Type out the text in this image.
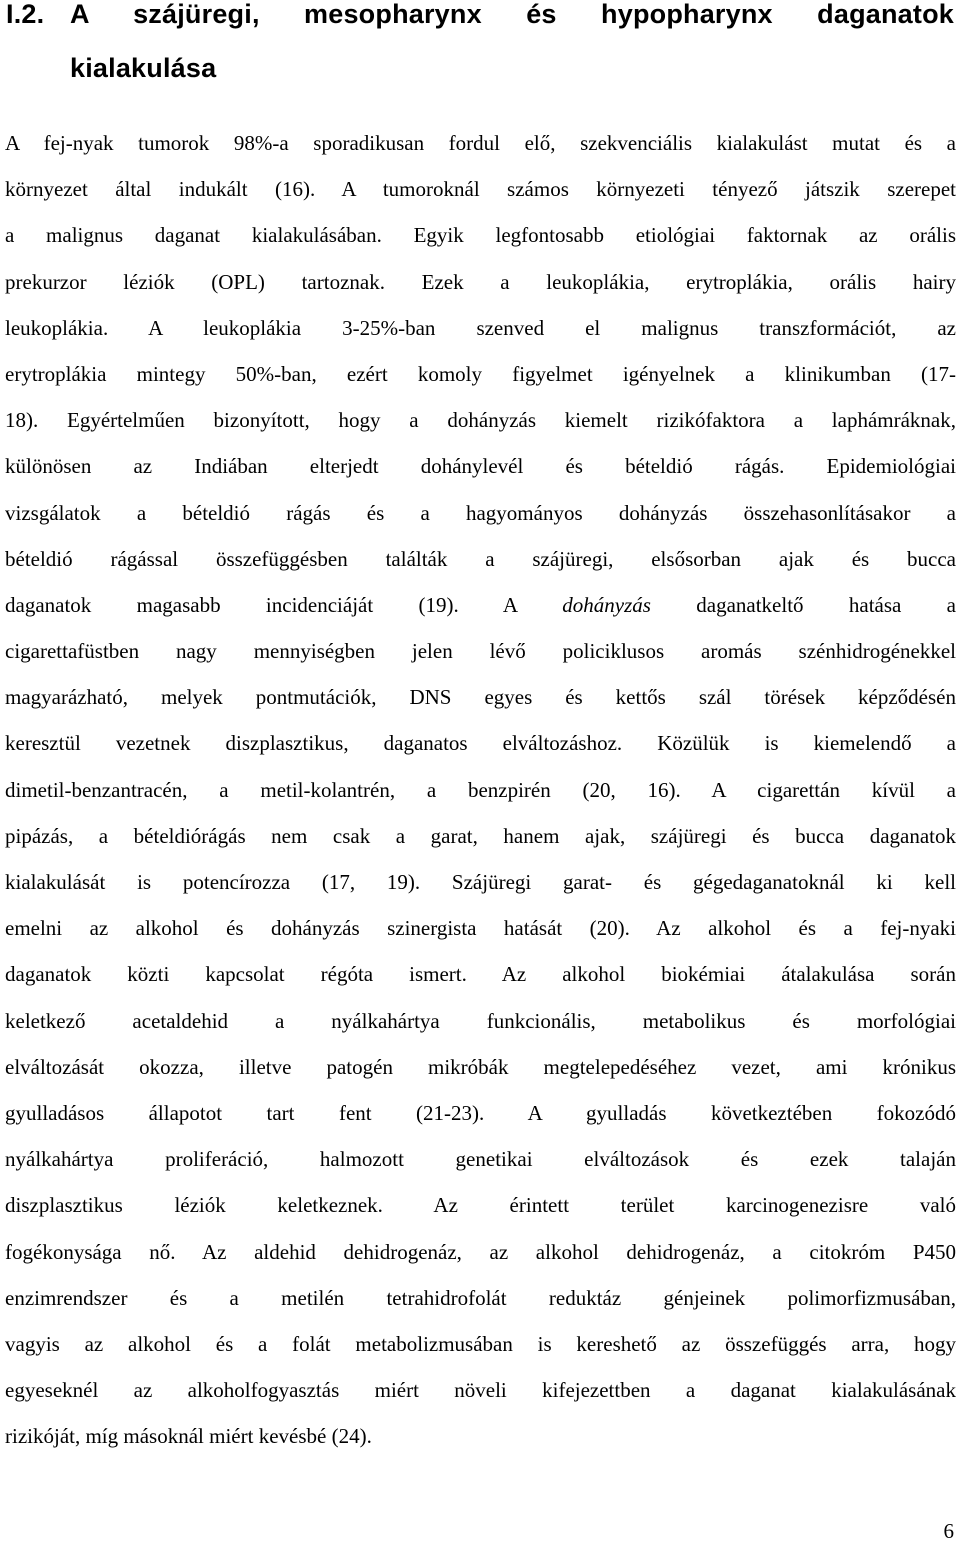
I.2. A szájüregi, mesopharynx és hypopharynx daganatok
kialakulása
A fej-nyak tumorok 98%-a sporadikusan fordul elő, szekvenciális kialakulást mutat és a
környezet által indukált (16). A tumoroknál számos környezeti tényező játszik szerepet
a malignus daganat kialakulásában. Egyik legfontosabb etiológiai faktornak az orális
prekurzor léziók (OPL) tartoznak. Ezek a leukoplákia, erytroplákia, orális hairy
leukoplákia. A leukoplákia 3-25%-ban szenved el malignus transzformációt, az
erytroplákia mintegy 50%-ban, ezért komoly figyelmet igényelnek a klinikumban (17-
18). Egyértelműen bizonyított, hogy a dohányzás kiemelt rizikófaktora a laphámráknak,
különösen az Indiában elterjedt dohánylevél és bételdió rágás. Epidemiológiai
vizsgálatok a bételdió rágás és a hagyományos dohányzás összehasonlításakor a
bételdió rágással összefüggésben találták a szájüregi, elsősorban ajak és bucca
daganatok magasabb incidenciáját (19). A dohányzás daganatkeltő hatása a
cigarettafüstben nagy mennyiségben jelen lévő policiklusos aromás szénhidrogénekkel
magyarázható, melyek pontmutációk, DNS egyes és kettős szál törések képződésén
keresztül vezetnek diszplasztikus, daganatos elváltozáshoz. Közülük is kiemelendő a
dimetil-benzantracén, a metil-kolantrén, a benzpirén (20, 16). A cigarettán kívül a
pipázás, a bételdiórágás nem csak a garat, hanem ajak, szájüregi és bucca daganatok
kialakulását is potencírozza (17, 19). Szájüregi garat- és gégedaganatoknál ki kell
emelni az alkohol és dohányzás szinergista hatását (20). Az alkohol és a fej-nyaki
daganatok közti kapcsolat régóta ismert. Az alkohol biokémiai átalakulása során
keletkező acetaldehid a nyálkahártya funkcionális, metabolikus és morfológiai
elváltozását okozza, illetve patogén mikróbák megtelepedéséhez vezet, ami krónikus
gyulladásos állapotot tart fent (21-23). A gyulladás következtében fokozódó
nyálkahártya proliferáció, halmozott genetikai elváltozások és ezek talaján
diszplasztikus léziók keletkeznek. Az érintett terület karcinogenezisre való
fogékonysága nő. Az aldehid dehidrogenáz, az alkohol dehidrogenáz, a citokróm P450
enzimrendszer és a metilén tetrahidrofolát reduktáz génjeinek polimorfizmusában,
vagyis az alkohol és a folát metabolizmusában is kereshető az összefüggés arra, hogy
egyeseknél az alkoholfogyasztás miért növeli kifejezettben a daganat kialakulásának
rizikóját, míg másoknál miért kevésbé (24).
6
